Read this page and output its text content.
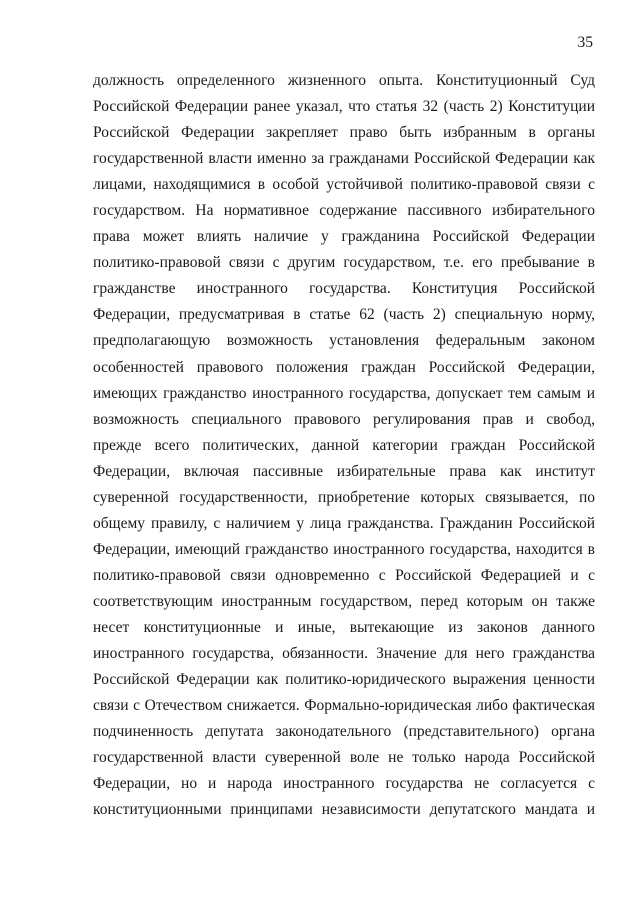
35
должность определенного жизненного опыта. Конституционный Суд
Российской Федерации ранее указал, что статья 32 (часть 2) Конституции
Российской Федерации закрепляет право быть избранным в органы
государственной власти именно за гражданами Российской Федерации как
лицами, находящимися в особой устойчивой политико-правовой связи с
государством. На нормативное содержание пассивного избирательного
права может влиять наличие у гражданина Российской Федерации
политико-правовой связи с другим государством, т.е. его пребывание в
гражданстве иностранного государства. Конституция Российской
Федерации, предусматривая в статье 62 (часть 2) специальную норму,
предполагающую возможность установления федеральным законом
особенностей правового положения граждан Российской Федерации,
имеющих гражданство иностранного государства, допускает тем самым и
возможность специального правового регулирования прав и свобод,
прежде всего политических, данной категории граждан Российской
Федерации, включая пассивные избирательные права как институт
суверенной государственности, приобретение которых связывается, по
общему правилу, с наличием у лица гражданства. Гражданин Российской
Федерации, имеющий гражданство иностранного государства, находится в
политико-правовой связи одновременно с Российской Федерацией и с
соответствующим иностранным государством, перед которым он также
несет конституционные и иные, вытекающие из законов данного
иностранного государства, обязанности. Значение для него гражданства
Российской Федерации как политико-юридического выражения ценности
связи с Отечеством снижается. Формально-юридическая либо фактическая
подчиненность депутата законодательного (представительного) органа
государственной власти суверенной воле не только народа Российской
Федерации, но и народа иностранного государства не согласуется с
конституционными принципами независимости депутатского мандата и
